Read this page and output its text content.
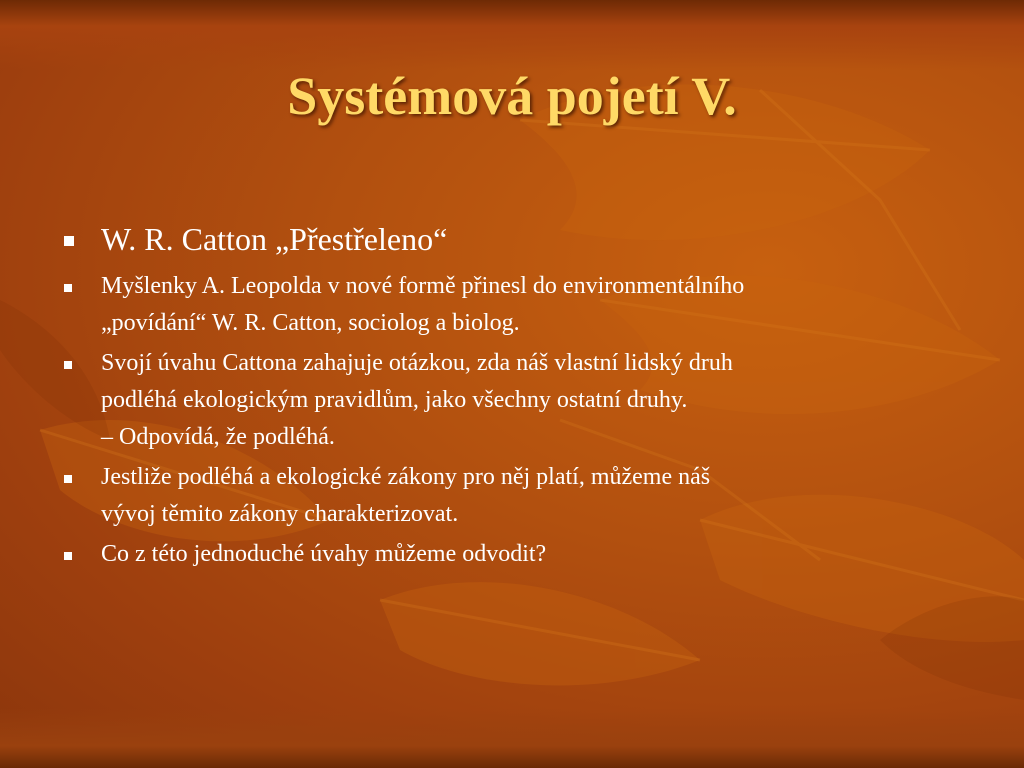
Systémová pojetí V.
W. R. Catton „Přestřeleno“
Myšlenky A. Leopolda v nové formě přinesl do environmentálního
„povídání“ W. R. Catton, sociolog a biolog.
Svojí úvahu Cattona zahajuje otázkou, zda náš vlastní lidský druh
podléhá ekologickým pravidlům, jako všechny ostatní druhy.
– Odpovídá, že podléhá.
Jestliže podléhá a ekologické zákony pro něj platí, můžeme náš
vývoj těmito zákony charakterizovat.
Co z této jednoduché úvahy můžeme odvodit?
